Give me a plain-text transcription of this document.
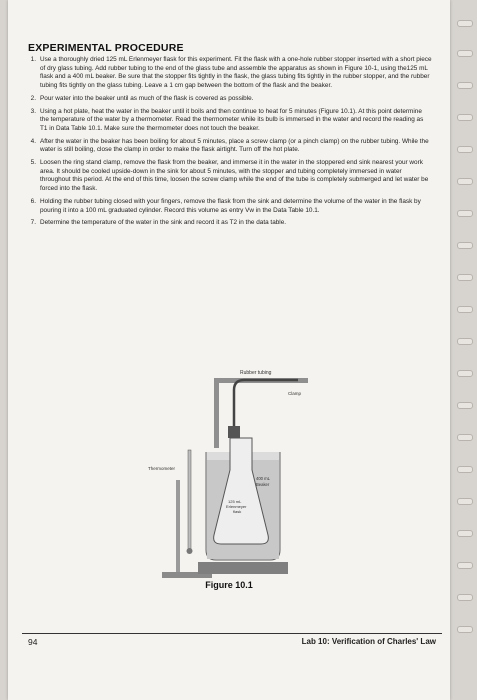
EXPERIMENTAL PROCEDURE
1. Use a thoroughly dried 125 mL Erlenmeyer flask for this experiment. Fit the flask with a one-hole rubber stopper inserted with a short piece of dry glass tubing. Add rubber tubing to the end of the glass tube and assemble the apparatus as shown in Figure 10-1, using the125 mL flask and a 400 mL beaker. Be sure that the stopper fits tightly in the flask, the glass tubing fits tightly in the rubber stopper, and the rubber tubing fits tightly on the glass tubing. Leave a 1 cm gap between the bottom of the flask and the beaker.
2. Pour water into the beaker until as much of the flask is covered as possible.
3. Using a hot plate, heat the water in the beaker until it boils and then continue to heat for 5 minutes (Figure 10.1). At this point determine the temperature of the water by a thermometer. Read the thermometer while its bulb is immersed in the water and record the reading as T1 in Data Table 10.1. Make sure the thermometer does not touch the beaker.
4. After the water in the beaker has been boiling for about 5 minutes, place a screw clamp (or a pinch clamp) on the rubber tubing. While the water is still boiling, close the clamp in order to make the flask airtight. Turn off the hot plate.
5. Loosen the ring stand clamp, remove the flask from the beaker, and immerse it in the water in the stoppered end sink nearest your work area. It should be cooled upside-down in the sink for about 5 minutes, with the stopper and tubing completely immersed in water throughout this period. At the end of this time, loosen the screw clamp while the end of the tube is completely submerged and let water be forced into the flask.
6. Holding the rubber tubing closed with your fingers, remove the flask from the sink and determine the volume of the water in the flask by pouring it into a 100 mL graduated cylinder. Record this volume as entry Vw in the Data Table 10.1.
7. Determine the temperature of the water in the sink and record it as T2 in the data table.
Rubber tubing
Clamp
Thermometer
400 mL
Beaker
125 mL
Erlenmeyer
flask
Figure 10.1
94	Lab 10: Verification of Charles' Law
